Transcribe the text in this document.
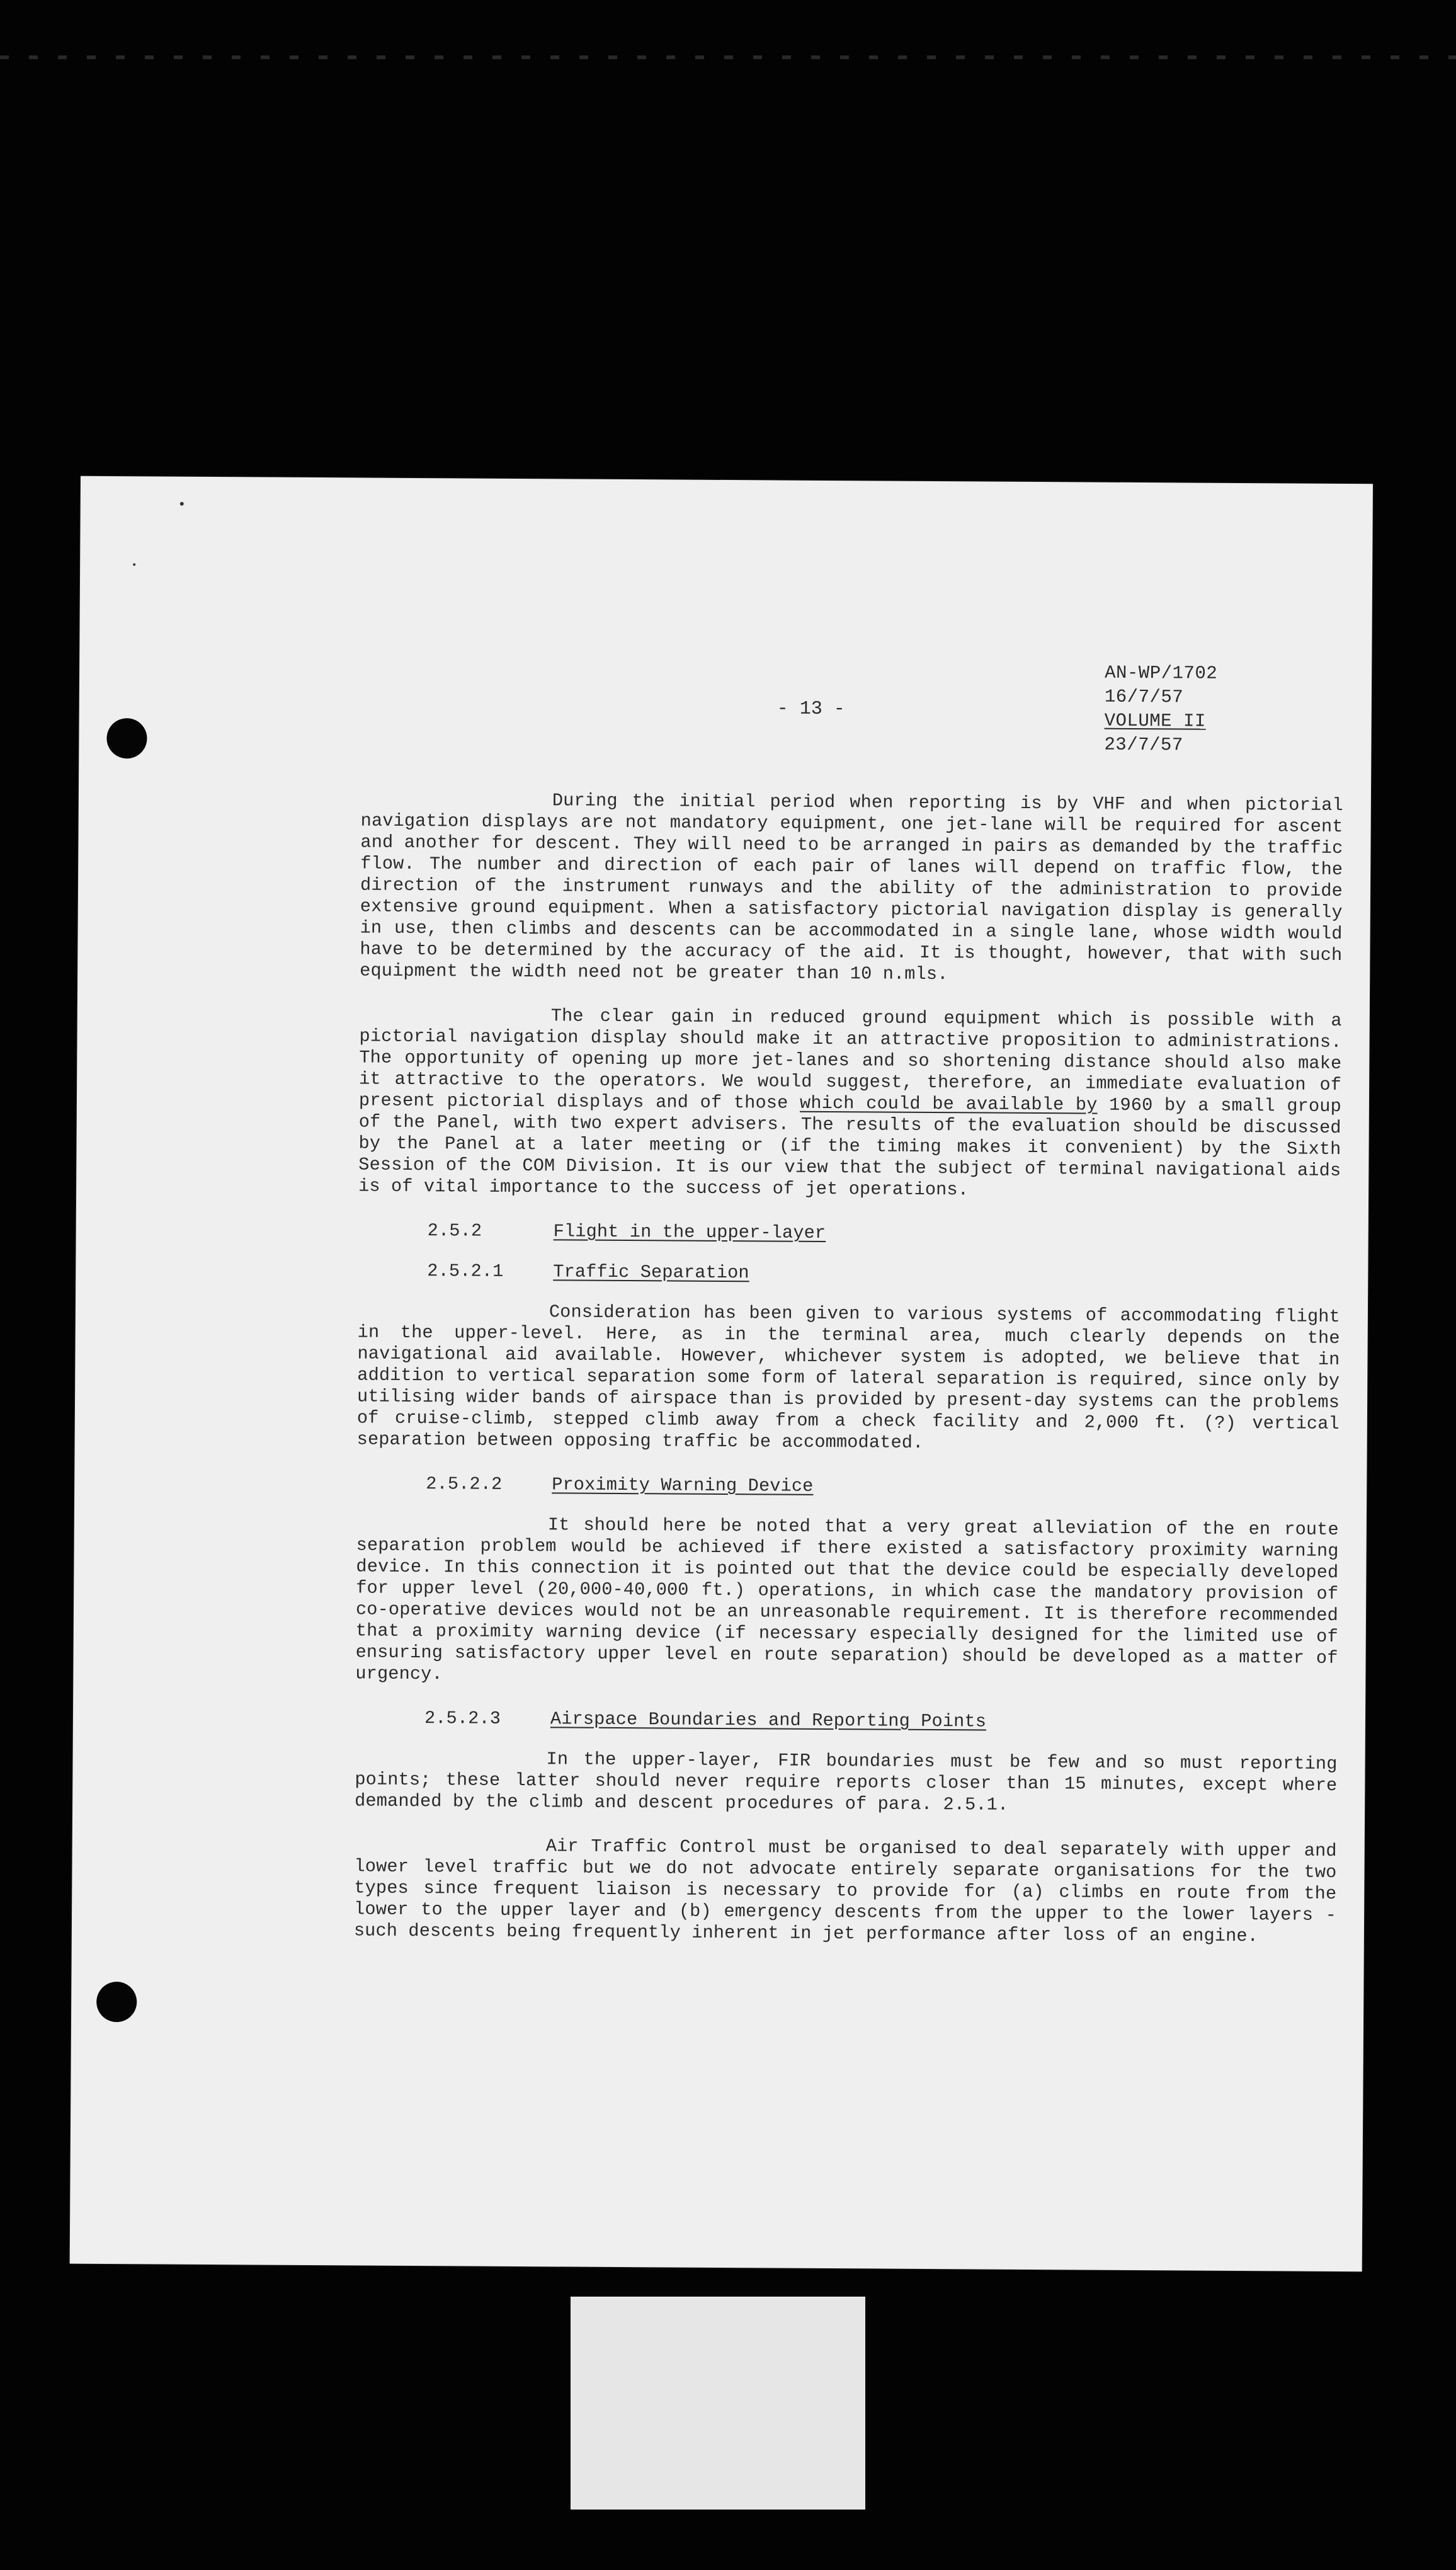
AN-WP/1702
16/7/57
VOLUME II
23/7/57
- 13 -

During the initial period when reporting is by VHF and when pictorial navigation displays are not mandatory equipment, one jet-lane will be required for ascent and another for descent. They will need to be arranged in pairs as demanded by the traffic flow. The number and direction of each pair of lanes will depend on traffic flow, the direction of the instrument runways and the ability of the administration to provide extensive ground equipment. When a satisfactory pictorial navigation display is generally in use, then climbs and descents can be accommodated in a single lane, whose width would have to be determined by the accuracy of the aid. It is thought, however, that with such equipment the width need not be greater than 10 n.mls.

The clear gain in reduced ground equipment which is possible with a pictorial navigation display should make it an attractive proposition to administrations. The opportunity of opening up more jet-lanes and so shortening distance should also make it attractive to the operators. We would suggest, therefore, an immediate evaluation of present pictorial displays and of those which could be available by 1960 by a small group of the Panel, with two expert advisers. The results of the evaluation should be discussed by the Panel at a later meeting or (if the timing makes it convenient) by the Sixth Session of the COM Division. It is our view that the subject of terminal navigational aids is of vital importance to the success of jet operations.

2.5.2	Flight in the upper-layer
2.5.2.1	Traffic Separation

Consideration has been given to various systems of accommodating flight in the upper-level. Here, as in the terminal area, much clearly depends on the navigational aid available. However, whichever system is adopted, we believe that in addition to vertical separation some form of lateral separation is required, since only by utilising wider bands of airspace than is provided by present-day systems can the problems of cruise-climb, stepped climb away from a check facility and 2,000 ft. (?) vertical separation between opposing traffic be accommodated.

2.5.2.2	Proximity Warning Device

It should here be noted that a very great alleviation of the en route separation problem would be achieved if there existed a satisfactory proximity warning device. In this connection it is pointed out that the device could be especially developed for upper level (20,000-40,000 ft.) operations, in which case the mandatory provision of co-operative devices would not be an unreasonable requirement. It is therefore recommended that a proximity warning device (if necessary especially designed for the limited use of ensuring satisfactory upper level en route separation) should be developed as a matter of urgency.

2.5.2.3	Airspace Boundaries and Reporting Points

In the upper-layer, FIR boundaries must be few and so must reporting points; these latter should never require reports closer than 15 minutes, except where demanded by the climb and descent procedures of para. 2.5.1.

Air Traffic Control must be organised to deal separately with upper and lower level traffic but we do not advocate entirely separate organisations for the two types since frequent liaison is necessary to provide for (a) climbs en route from the lower to the upper layer and (b) emergency descents from the upper to the lower layers - such descents being frequently inherent in jet performance after loss of an engine.
